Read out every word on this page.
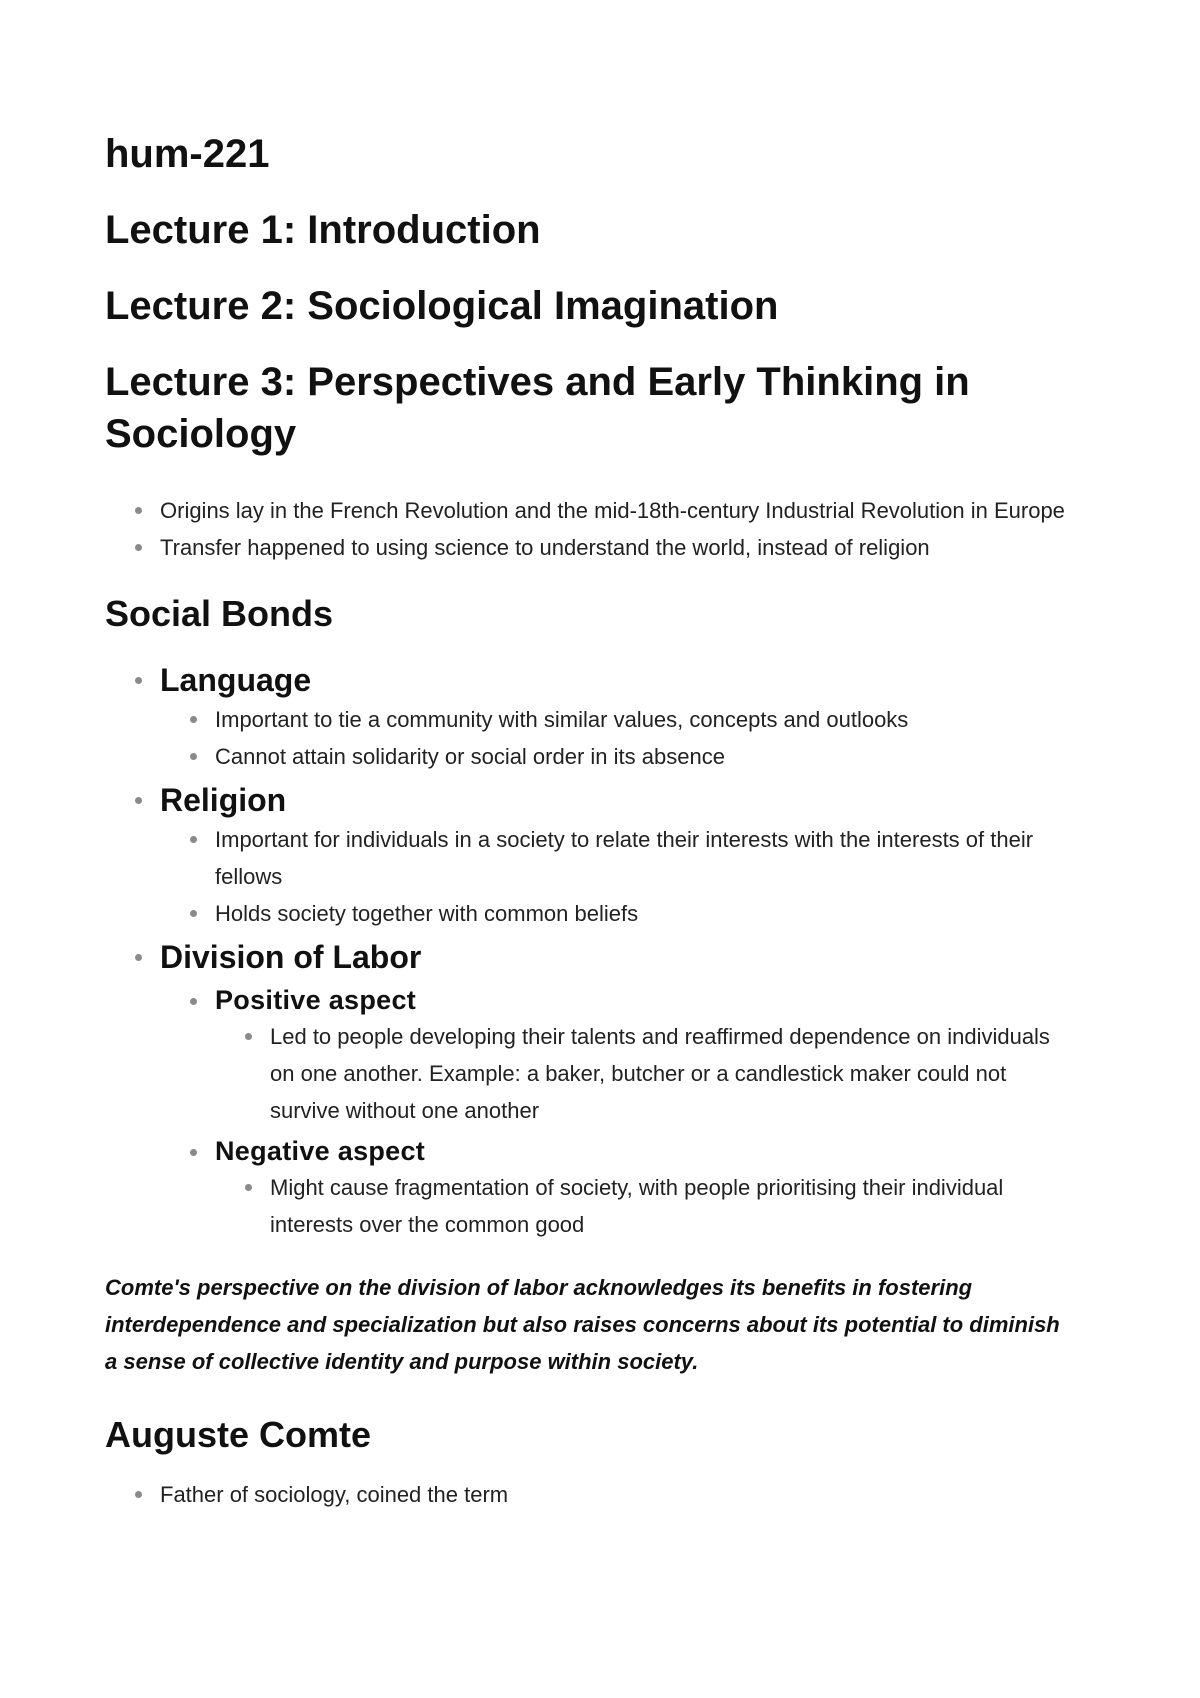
hum-221
Lecture 1: Introduction
Lecture 2: Sociological Imagination
Lecture 3: Perspectives and Early Thinking in Sociology
Origins lay in the French Revolution and the mid-18th-century Industrial Revolution in Europe
Transfer happened to using science to understand the world, instead of religion
Social Bonds
Language
Important to tie a community with similar values, concepts and outlooks
Cannot attain solidarity or social order in its absence
Religion
Important for individuals in a society to relate their interests with the interests of their fellows
Holds society together with common beliefs
Division of Labor
Positive aspect
Led to people developing their talents and reaffirmed dependence on individuals on one another. Example: a baker, butcher or a candlestick maker could not survive without one another
Negative aspect
Might cause fragmentation of society, with people prioritising their individual interests over the common good

Comte's perspective on the division of labor acknowledges its benefits in fostering interdependence and specialization but also raises concerns about its potential to diminish a sense of collective identity and purpose within society.

Auguste Comte
Father of sociology, coined the term
